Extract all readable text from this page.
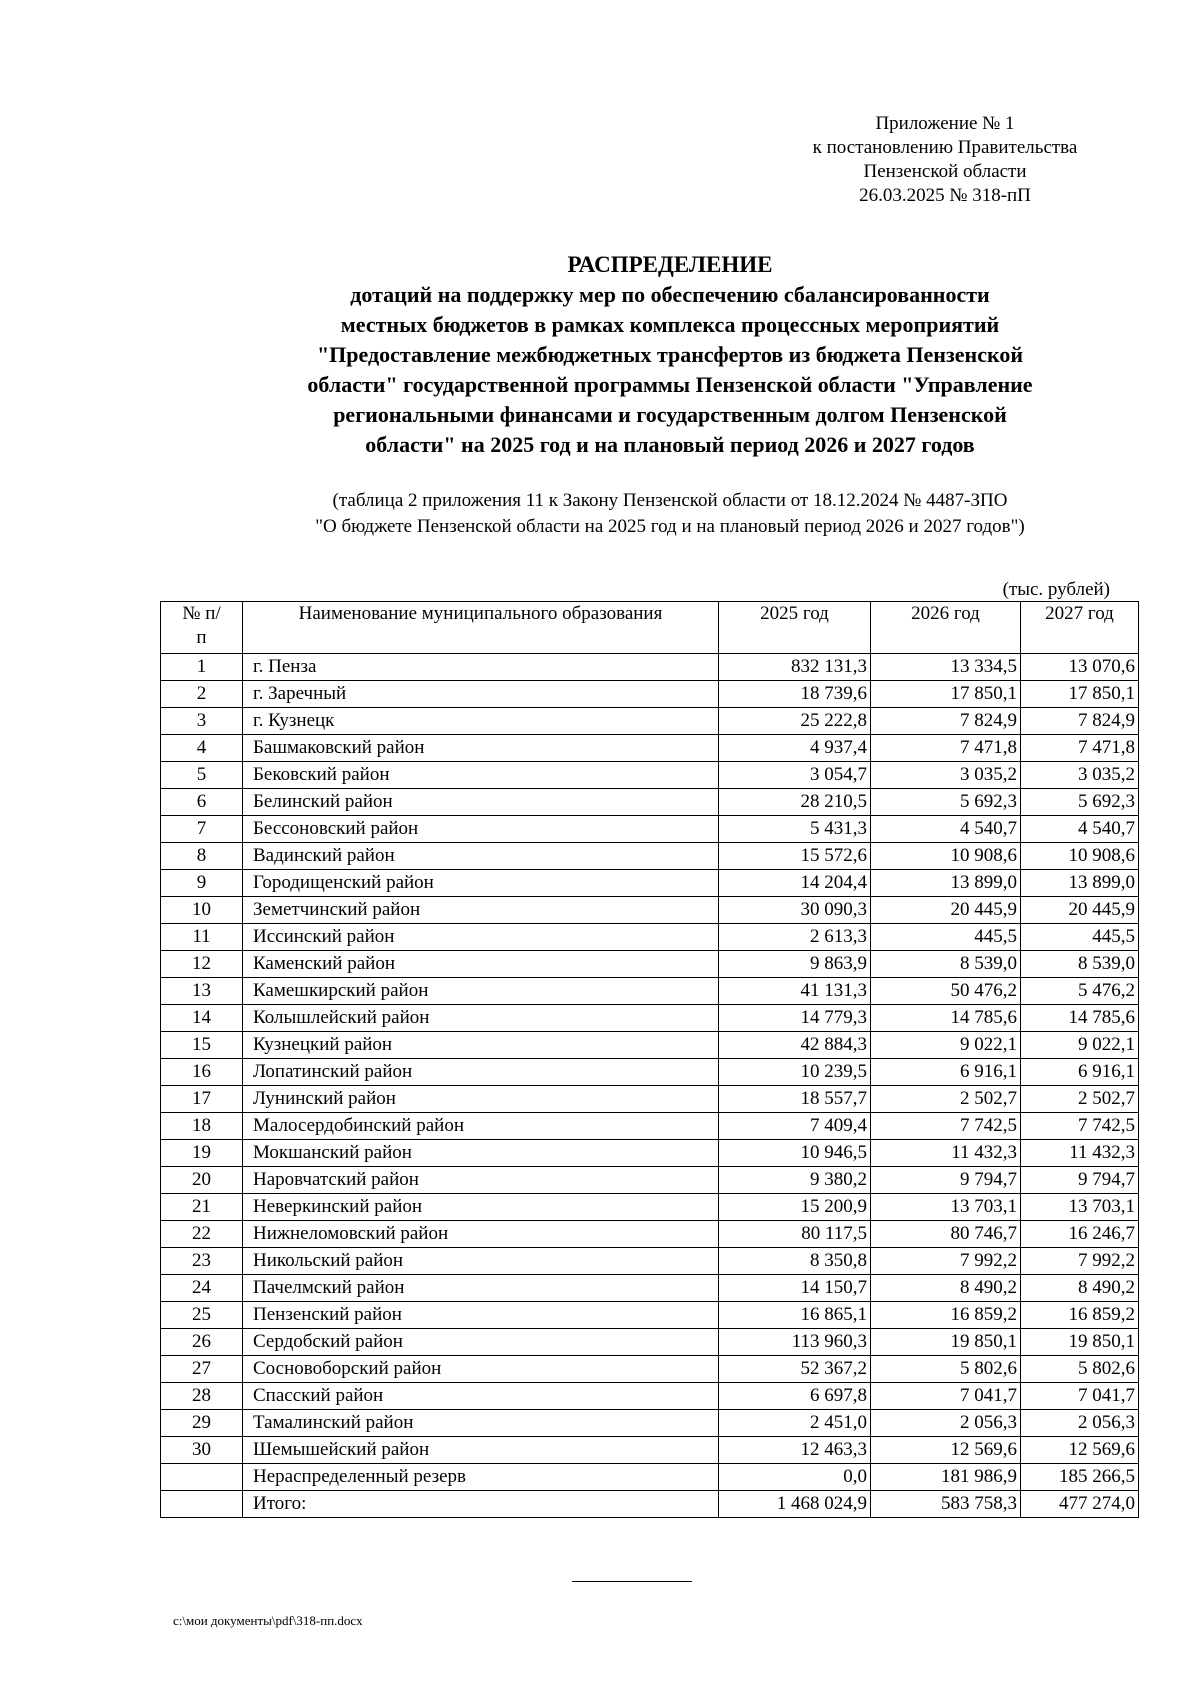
Приложение № 1
к постановлению Правительства
Пензенской области
26.03.2025 № 318-пП
РАСПРЕДЕЛЕНИЕ
дотаций на поддержку мер по обеспечению сбалансированности
местных бюджетов в рамках комплекса процессных мероприятий
"Предоставление межбюджетных трансфертов из бюджета Пензенской
области" государственной программы Пензенской области "Управление
региональными финансами и государственным долгом Пензенской
области" на 2025 год и на плановый период 2026 и 2027 годов
(таблица 2 приложения 11 к Закону Пензенской области от 18.12.2024 № 4487-ЗПО
"О бюджете Пензенской области на 2025 год и на плановый период 2026 и 2027 годов")
(тыс. рублей)
№ п/п	Наименование муниципального образования	2025 год	2026 год	2027 год
1	г. Пенза	832 131,3	13 334,5	13 070,6
2	г. Заречный	18 739,6	17 850,1	17 850,1
3	г. Кузнецк	25 222,8	7 824,9	7 824,9
4	Башмаковский район	4 937,4	7 471,8	7 471,8
5	Бековский район	3 054,7	3 035,2	3 035,2
6	Белинский район	28 210,5	5 692,3	5 692,3
7	Бессоновский район	5 431,3	4 540,7	4 540,7
8	Вадинский район	15 572,6	10 908,6	10 908,6
9	Городищенский район	14 204,4	13 899,0	13 899,0
10	Земетчинский район	30 090,3	20 445,9	20 445,9
11	Иссинский район	2 613,3	445,5	445,5
12	Каменский район	9 863,9	8 539,0	8 539,0
13	Камешкирский район	41 131,3	50 476,2	5 476,2
14	Колышлейский район	14 779,3	14 785,6	14 785,6
15	Кузнецкий район	42 884,3	9 022,1	9 022,1
16	Лопатинский район	10 239,5	6 916,1	6 916,1
17	Лунинский район	18 557,7	2 502,7	2 502,7
18	Малосердобинский район	7 409,4	7 742,5	7 742,5
19	Мокшанский район	10 946,5	11 432,3	11 432,3
20	Наровчатский район	9 380,2	9 794,7	9 794,7
21	Неверкинский район	15 200,9	13 703,1	13 703,1
22	Нижнеломовский район	80 117,5	80 746,7	16 246,7
23	Никольский район	8 350,8	7 992,2	7 992,2
24	Пачелмский район	14 150,7	8 490,2	8 490,2
25	Пензенский район	16 865,1	16 859,2	16 859,2
26	Сердобский район	113 960,3	19 850,1	19 850,1
27	Сосновоборский район	52 367,2	5 802,6	5 802,6
28	Спасский район	6 697,8	7 041,7	7 041,7
29	Тамалинский район	2 451,0	2 056,3	2 056,3
30	Шемышейский район	12 463,3	12 569,6	12 569,6
	Нераспределенный резерв	0,0	181 986,9	185 266,5
	Итого:	1 468 024,9	583 758,3	477 274,0
c:\мои документы\pdf\318-пп.docx
